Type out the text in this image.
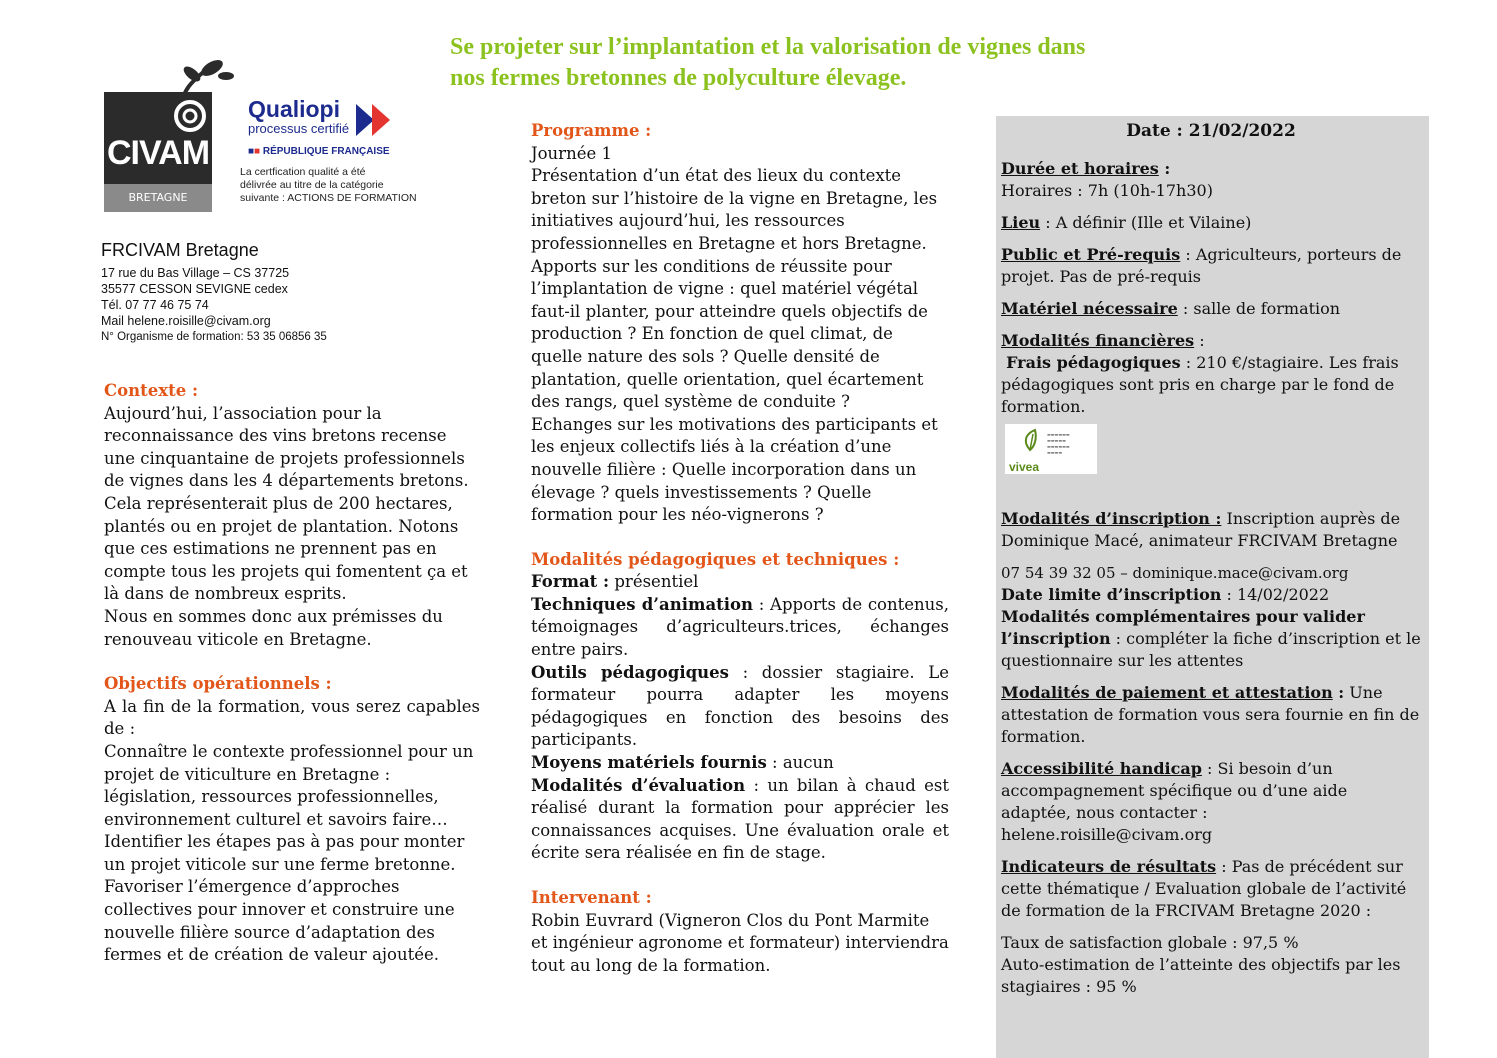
Se projeter sur l’implantation et la valorisation de vignes dans
nos fermes bretonnes de polyculture élevage.
CIVAM
BRETAGNE
Qualiopi
processus certifié
■■ RÉPUBLIQUE FRANÇAISE
La certfication qualité a été
délivrée au titre de la catégorie
suivante : ACTIONS DE FORMATION
FRCIVAM Bretagne
17 rue du Bas Village – CS 37725
35577 CESSON SEVIGNE cedex
Tél. 07 77 46 75 74
Mail helene.roisille@civam.org
N° Organisme de formation: 53 35 06856 35
Contexte :
Aujourd’hui, l’association pour la reconnaissance des vins bretons recense une cinquantaine de projets professionnels de vignes dans les 4 départements bretons. Cela représenterait plus de 200 hectares, plantés ou en projet de plantation. Notons que ces estimations ne prennent pas en compte tous les projets qui fomentent ça et là dans de nombreux esprits.
Nous en sommes donc aux prémisses du renouveau viticole en Bretagne.
Objectifs opérationnels :
A la fin de la formation, vous serez capables de :
Connaître le contexte professionnel pour un projet de viticulture en Bretagne : législation, ressources professionnelles, environnement culturel et savoirs faire…
Identifier les étapes pas à pas pour monter un projet viticole sur une ferme bretonne.
Favoriser l’émergence d’approches collectives pour innover et construire une nouvelle filière source d’adaptation des fermes et de création de valeur ajoutée.
Programme :
Journée 1
Présentation d’un état des lieux du contexte breton sur l’histoire de la vigne en Bretagne, les initiatives aujourd’hui, les ressources professionnelles en Bretagne et hors Bretagne.
Apports sur les conditions de réussite pour l’implantation de vigne : quel matériel végétal faut-il planter, pour atteindre quels objectifs de production ? En fonction de quel climat, de quelle nature des sols ? Quelle densité de plantation, quelle orientation, quel écartement des rangs, quel système de conduite ?
Echanges sur les motivations des participants et les enjeux collectifs liés à la création d’une nouvelle filière : Quelle incorporation dans un élevage ? quels investissements ? Quelle formation pour les néo-vignerons ?
Modalités pédagogiques et techniques :
Format : présentiel
Techniques d’animation : Apports de contenus, témoignages d’agriculteurs.trices, échanges entre pairs.
Outils pédagogiques : dossier stagiaire. Le formateur pourra adapter les moyens pédagogiques en fonction des besoins des participants.
Moyens matériels fournis : aucun
Modalités d’évaluation : un bilan à chaud est réalisé durant la formation pour apprécier les connaissances acquises. Une évaluation orale et écrite sera réalisée en fin de stage.
Intervenant :
Robin Euvrard (Vigneron Clos du Pont Marmite et ingénieur agronome et formateur) interviendra tout au long de la formation.
Date : 21/02/2022
Durée et horaires :
Horaires : 7h (10h-17h30)
Lieu : A définir (Ille et Vilaine)
Public et Pré-requis : Agriculteurs, porteurs de projet. Pas de pré-requis
Matériel nécessaire : salle de formation
Modalités financières :
Frais pédagogiques : 210 €/stagiaire. Les frais pédagogiques sont pris en charge par le fond de formation.
vivea
▬▬▬▬▬▬
▬▬▬▬▬
▬▬▬▬▬▬
▬▬▬▬
Modalités d’inscription : Inscription auprès de Dominique Macé, animateur FRCIVAM Bretagne
07 54 39 32 05 – dominique.mace@civam.org
Date limite d’inscription : 14/02/2022
Modalités complémentaires pour valider l’inscription : compléter la fiche d’inscription et le questionnaire sur les attentes
Modalités de paiement et attestation : Une attestation de formation vous sera fournie en fin de formation.
Accessibilité handicap : Si besoin d’un accompagnement spécifique ou d’une aide adaptée, nous contacter : helene.roisille@civam.org
Indicateurs de résultats : Pas de précédent sur cette thématique / Evaluation globale de l’activité de formation de la FRCIVAM Bretagne 2020 :
Taux de satisfaction globale : 97,5 %
Auto-estimation de l’atteinte des objectifs par les stagiaires : 95 %
